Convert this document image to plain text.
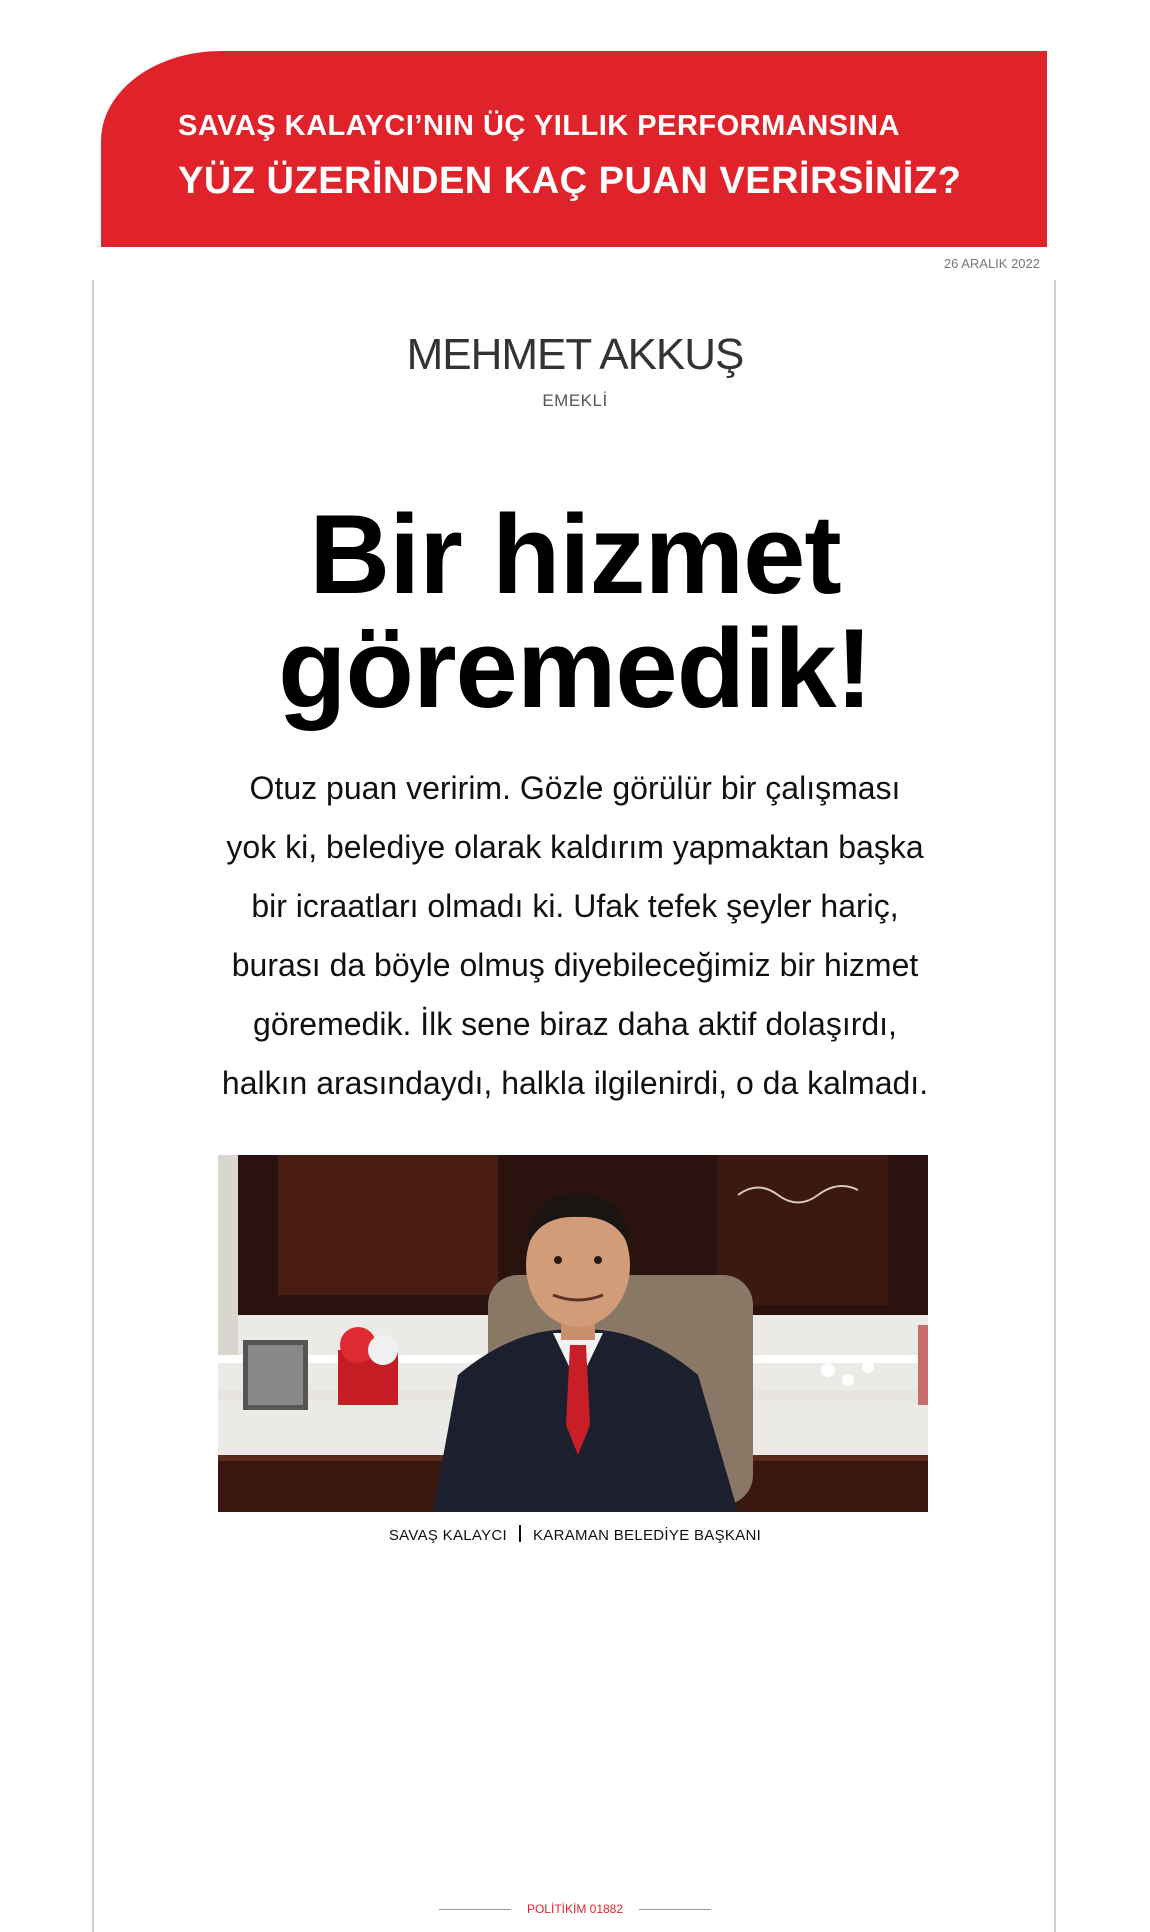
SAVAŞ KALAYCI’NIN ÜÇ YILLIK PERFORMANSINA
YÜZ ÜZERİNDEN KAÇ PUAN VERİRSİNİZ?
26 ARALIK 2022
MEHMET AKKUŞ
EMEKLİ
Bir hizmet
göremedik!
Otuz puan veririm. Gözle görülür bir çalışması
yok ki, belediye olarak kaldırım yapmaktan başka
bir icraatları olmadı ki. Ufak tefek şeyler hariç,
burası da böyle olmuş diyebileceğimiz bir hizmet
göremedik. İlk sene biraz daha aktif dolaşırdı,
halkın arasındaydı, halkla ilgilenirdi, o da kalmadı.
SAVAŞ KALAYCI KARAMAN BELEDİYE BAŞKANI
POLİTİKİM 01882
